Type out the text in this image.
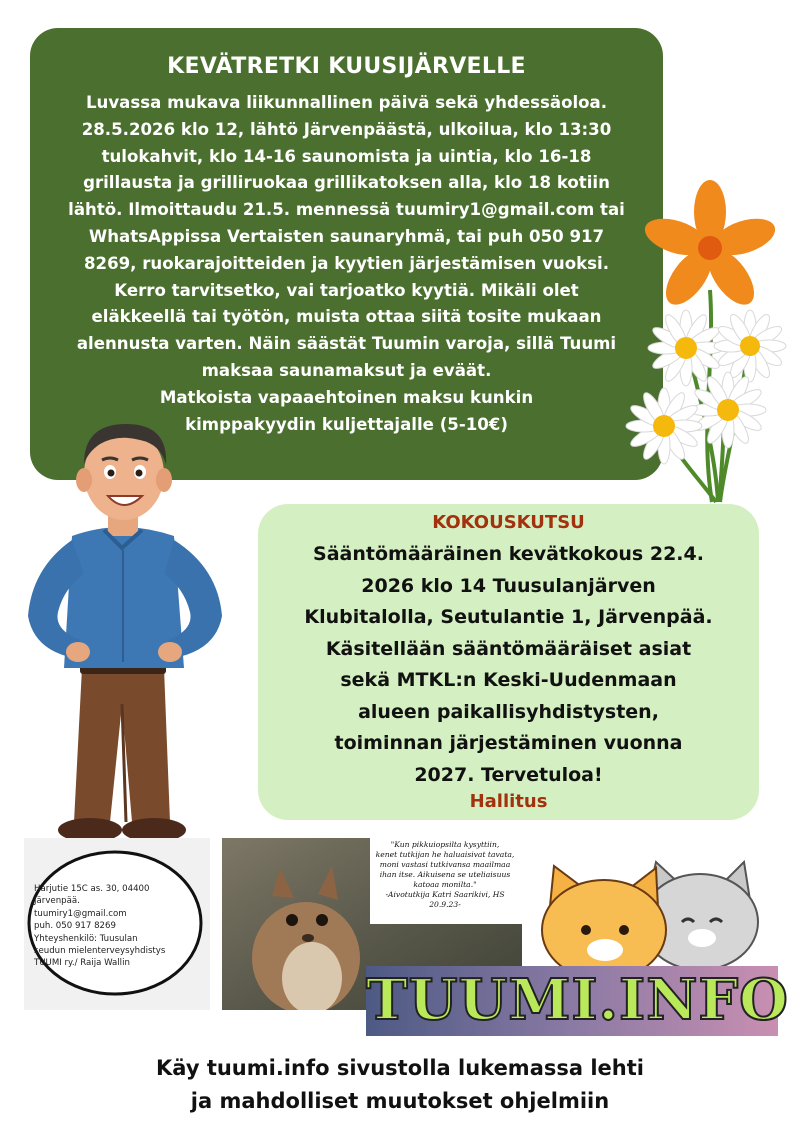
KEVÄTRETKI KUUSIJÄRVELLE
Luvassa mukava liikunnallinen päivä sekä yhdessäoloa.
28.5.2026 klo 12, lähtö Järvenpäästä, ulkoilua, klo 13:30
tulokahvit, klo 14-16 saunomista ja uintia, klo 16-18
grillausta ja grilliruokaa grillikatoksen alla, klo 18 kotiin
lähtö. Ilmoittaudu 21.5. mennessä tuumiry1@gmail.com tai
WhatsAppissa Vertaisten saunaryhmä, tai puh 050 917
8269, ruokarajoitteiden ja kyytien järjestämisen vuoksi.
Kerro tarvitsetko, vai tarjoatko kyytiä. Mikäli olet
eläkkeellä tai työtön, muista ottaa siitä tosite mukaan
alennusta varten. Näin säästät Tuumin varoja, sillä Tuumi
maksaa saunamaksut ja eväät.
Matkoista vapaaehtoinen maksu kunkin
kimppakyydin kuljettajalle (5-10€)
KOKOUSKUTSU
Sääntömääräinen kevätkokous 22.4.
2026 klo 14 Tuusulanjärven
Klubitalolla, Seutulantie 1, Järvenpää.
Käsitellään sääntömääräiset asiat
sekä MTKL:n Keski-Uudenmaan
alueen paikallisyhdistysten,
toiminnan järjestäminen vuonna
2027. Tervetuloa!
Hallitus
Harjutie 15C as. 30, 04400
Järvenpää.
tuumiry1@gmail.com
puh. 050 917 8269
Yhteyshenkilö: Tuusulan
seudun mielenterveysyhdistys
TUUMI ry./ Raija Wallin
"Kun pikkuiopsilta kysyttiin,
kenet tutkijan he haluaisivat tavata,
moni vastasi tutkivansa maailmaa
ihan itse. Aikuisena se uteliaisuus
katoaa monilta."
-Aivotutkija Katri Saarikivi, HS
20.9.23-
TUUMI.INFO
Käy tuumi.info sivustolla lukemassa lehti
ja mahdolliset muutokset ohjelmiin
